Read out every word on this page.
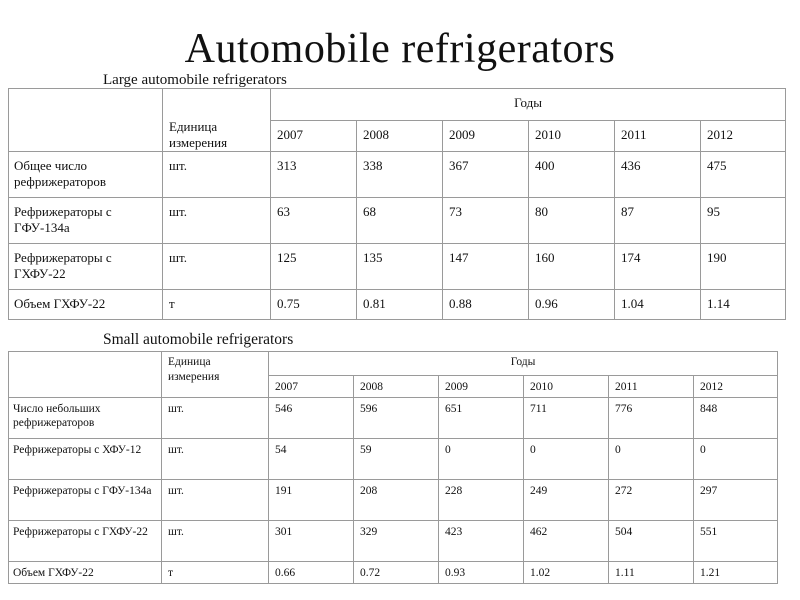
Automobile refrigerators
Large automobile refrigerators
	Единица измерения	Годы					
		2007	2008	2009	2010	2011	2012
Общее число рефрижераторов	шт.	313	338	367	400	436	475
Рефрижераторы с ГФУ-134а	шт.	63	68	73	80	87	95
Рефрижераторы с ГХФУ-22	шт.	125	135	147	160	174	190
Объем ГХФУ-22	т	0.75	0.81	0.88	0.96	1.04	1.14
Small automobile refrigerators
	Единица измерения	Годы					
		2007	2008	2009	2010	2011	2012
Число небольших рефрижераторов	шт.	546	596	651	711	776	848
Рефрижераторы с ХФУ-12	шт.	54	59	0	0	0	0
Рефрижераторы с ГФУ-134а	шт.	191	208	228	249	272	297
Рефрижераторы с ГХФУ-22	шт.	301	329	423	462	504	551
Объем ГХФУ-22	т	0.66	0.72	0.93	1.02	1.11	1.21
